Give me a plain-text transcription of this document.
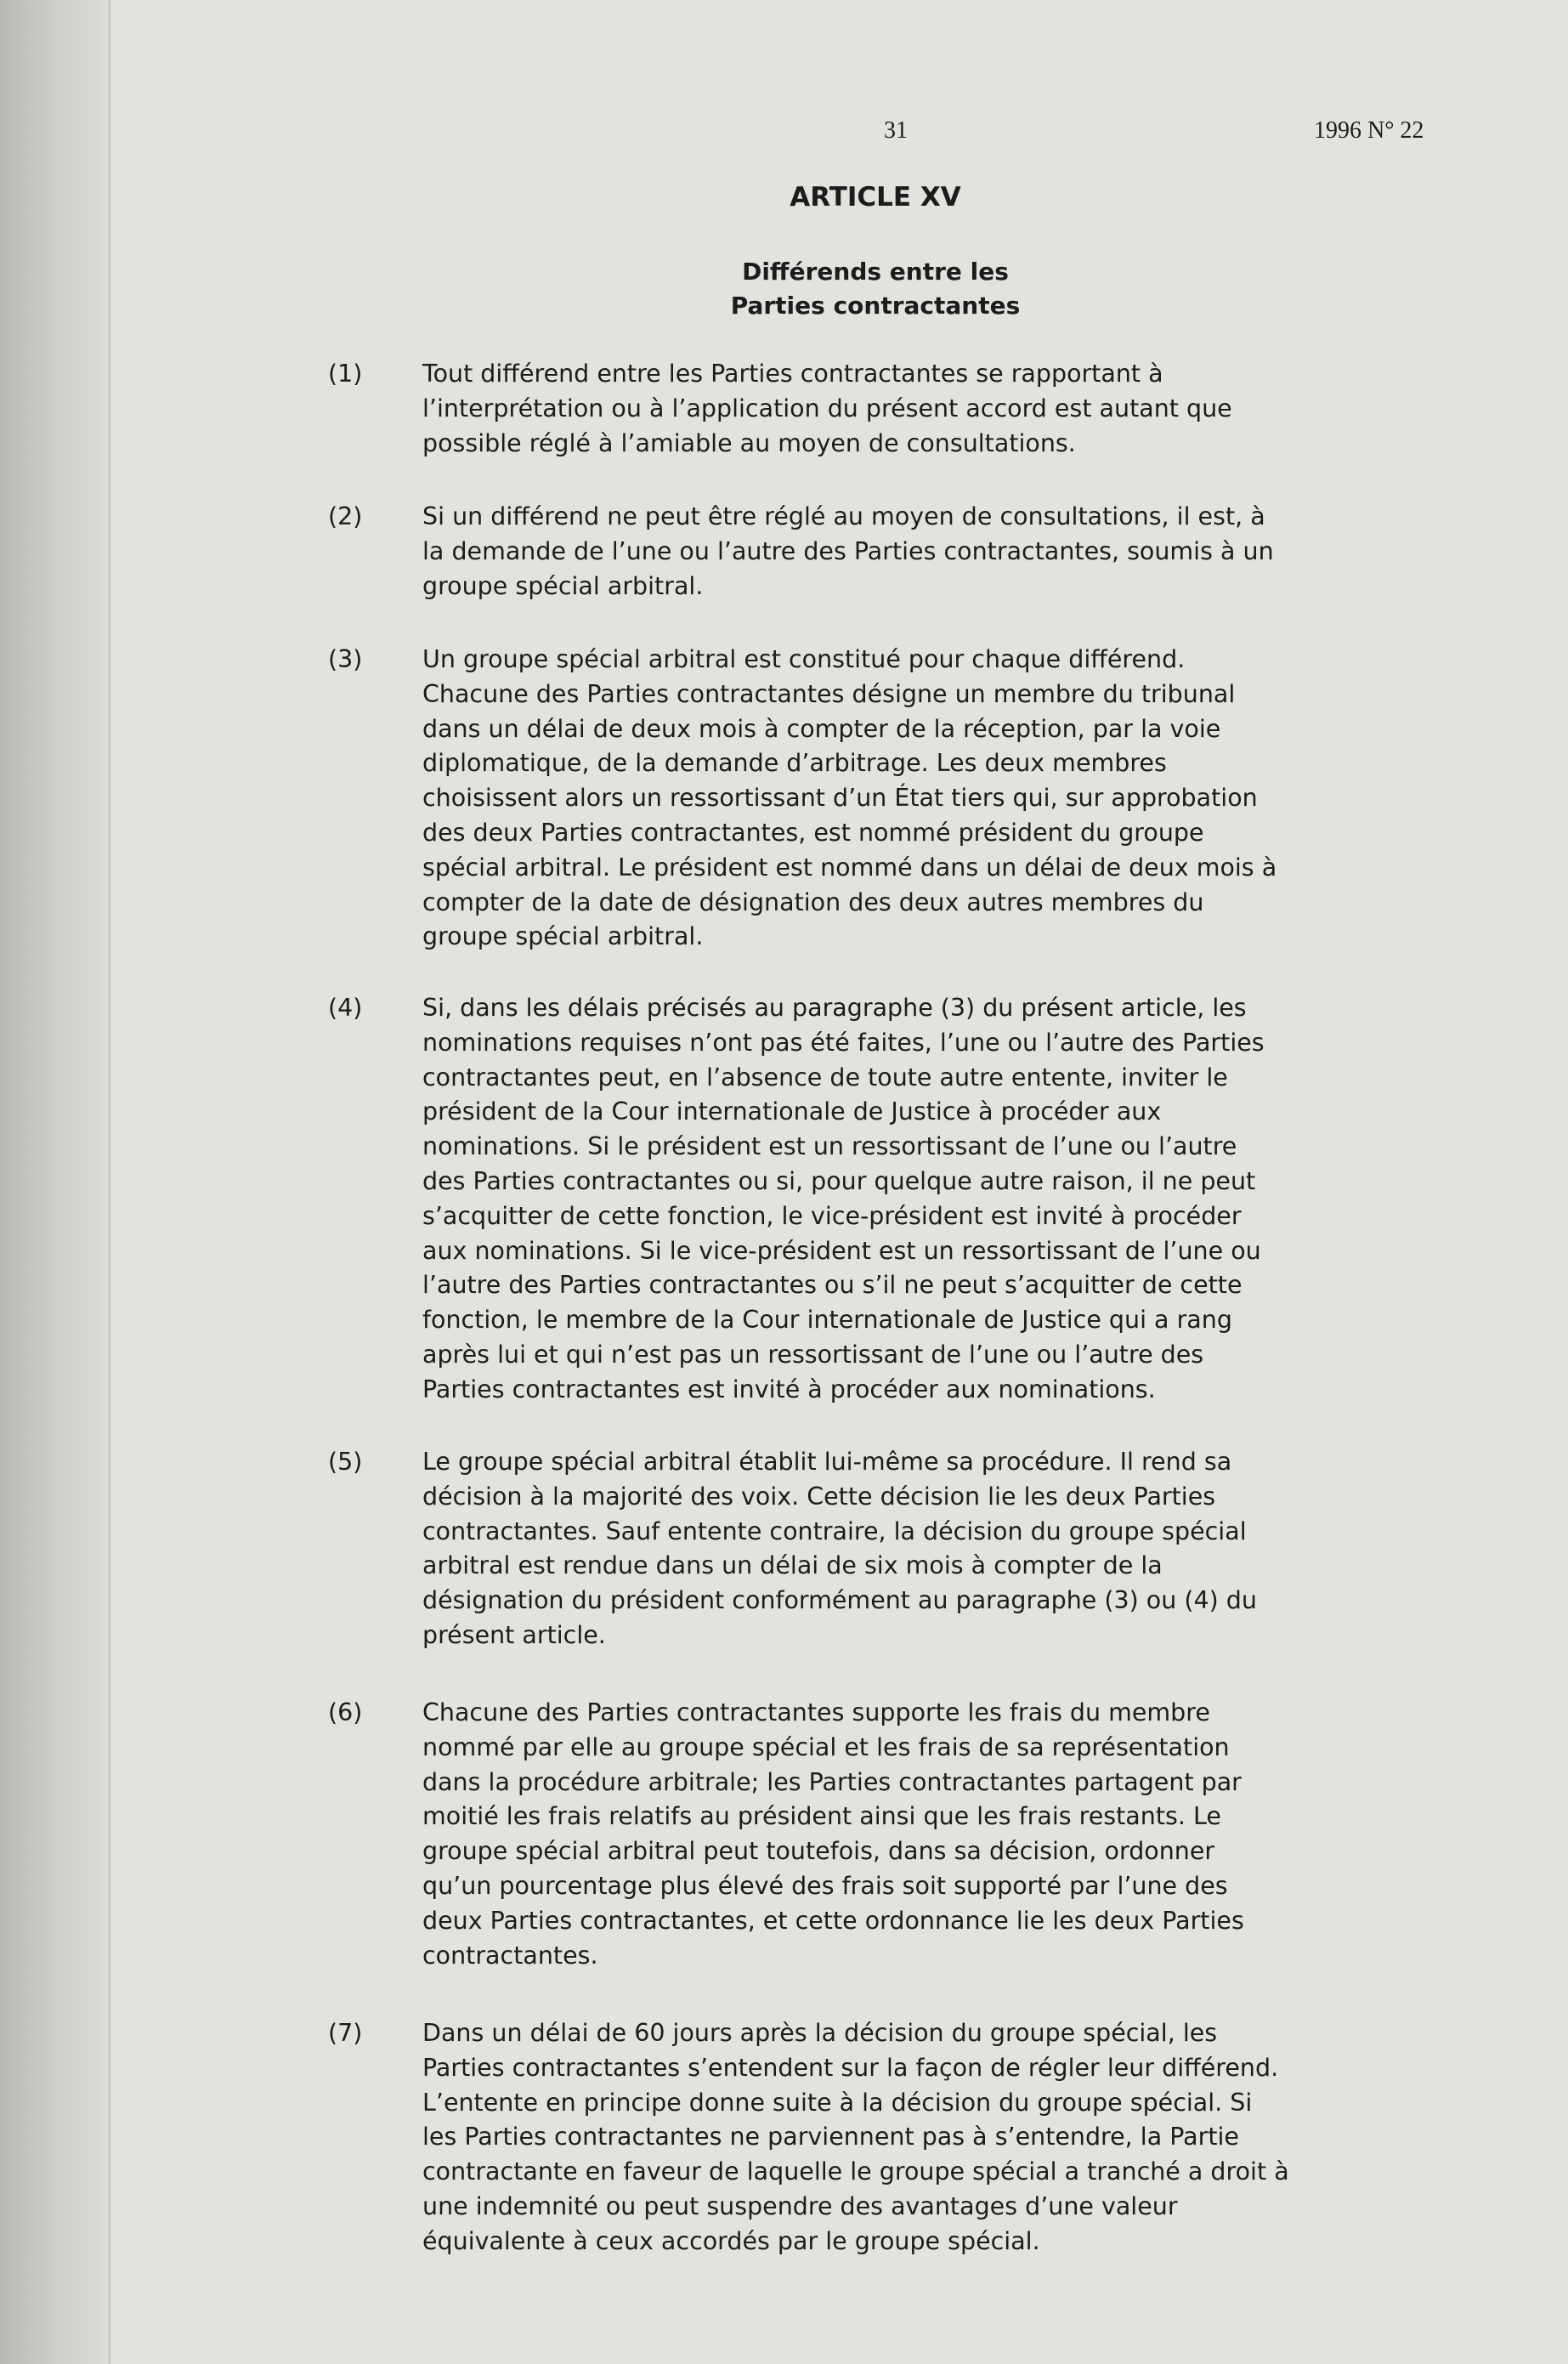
31	1996 N° 22
ARTICLE XV
Différends entre les
Parties contractantes
(1) Tout différend entre les Parties contractantes se rapportant à
l’interprétation ou à l’application du présent accord est autant que
possible réglé à l’amiable au moyen de consultations.
(2) Si un différend ne peut être réglé au moyen de consultations, il est, à
la demande de l’une ou l’autre des Parties contractantes, soumis à un
groupe spécial arbitral.
(3) Un groupe spécial arbitral est constitué pour chaque différend.
Chacune des Parties contractantes désigne un membre du tribunal
dans un délai de deux mois à compter de la réception, par la voie
diplomatique, de la demande d’arbitrage. Les deux membres
choisissent alors un ressortissant d’un État tiers qui, sur approbation
des deux Parties contractantes, est nommé président du groupe
spécial arbitral. Le président est nommé dans un délai de deux mois à
compter de la date de désignation des deux autres membres du
groupe spécial arbitral.
(4) Si, dans les délais précisés au paragraphe (3) du présent article, les
nominations requises n’ont pas été faites, l’une ou l’autre des Parties
contractantes peut, en l’absence de toute autre entente, inviter le
président de la Cour internationale de Justice à procéder aux
nominations. Si le président est un ressortissant de l’une ou l’autre
des Parties contractantes ou si, pour quelque autre raison, il ne peut
s’acquitter de cette fonction, le vice-président est invité à procéder
aux nominations. Si le vice-président est un ressortissant de l’une ou
l’autre des Parties contractantes ou s’il ne peut s’acquitter de cette
fonction, le membre de la Cour internationale de Justice qui a rang
après lui et qui n’est pas un ressortissant de l’une ou l’autre des
Parties contractantes est invité à procéder aux nominations.
(5) Le groupe spécial arbitral établit lui-même sa procédure. Il rend sa
décision à la majorité des voix. Cette décision lie les deux Parties
contractantes. Sauf entente contraire, la décision du groupe spécial
arbitral est rendue dans un délai de six mois à compter de la
désignation du président conformément au paragraphe (3) ou (4) du
présent article.
(6) Chacune des Parties contractantes supporte les frais du membre
nommé par elle au groupe spécial et les frais de sa représentation
dans la procédure arbitrale; les Parties contractantes partagent par
moitié les frais relatifs au président ainsi que les frais restants. Le
groupe spécial arbitral peut toutefois, dans sa décision, ordonner
qu’un pourcentage plus élevé des frais soit supporté par l’une des
deux Parties contractantes, et cette ordonnance lie les deux Parties
contractantes.
(7) Dans un délai de 60 jours après la décision du groupe spécial, les
Parties contractantes s’entendent sur la façon de régler leur différend.
L’entente en principe donne suite à la décision du groupe spécial. Si
les Parties contractantes ne parviennent pas à s’entendre, la Partie
contractante en faveur de laquelle le groupe spécial a tranché a droit à
une indemnité ou peut suspendre des avantages d’une valeur
équivalente à ceux accordés par le groupe spécial.
